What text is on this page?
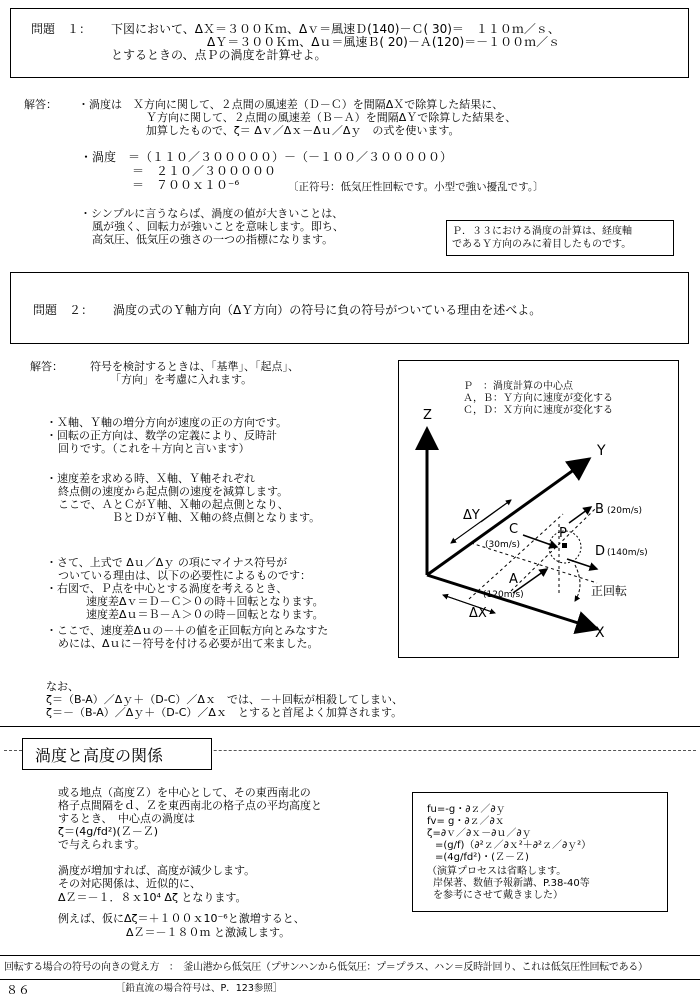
問題　１： 下図において、ΔＸ＝３００Ｋｍ、Δｖ＝風速Ｄ(140)－Ｃ( 30)＝　１１０ｍ／ｓ、
ΔＹ＝３００Ｋｍ、Δｕ＝風速Ｂ( 20)－Ａ(120)＝－１００ｍ／ｓ
とするときの、点Ｐの渦度を計算せよ。
解答： ・渦度は　Ｘ方向に関して、２点間の風速差（Ｄ－Ｃ）を間隔ΔＸで除算した結果に、
Ｙ方向に関して、２点間の風速差（Ｂ－Ａ）を間隔ΔＹで除算した結果を、
加算したもので、ζ＝ Δｖ／Δｘ－Δｕ／Δｙ　の式を使います。
・渦度　＝（１１０／３０００００）－（－１００／３０００００）
＝　２１０／３０００００
＝　７００ｘ１０⁻⁶	〔正符号：低気圧性回転です。小型で強い擾乱です。〕
・シンプルに言うならば、渦度の値が大きいことは、
風が強く、回転力が強いことを意味します。即ち、
高気圧、低気圧の強さの一つの指標になります。
Ｐ．３３における渦度の計算は、経度軸
であるＹ方向のみに着目したものです。
問題　２： 渦度の式のＹ軸方向（ΔＹ方向）の符号に負の符号がついている理由を述べよ。
解答： 符号を検討するときは、「基準」、「起点」、
「方向」を考慮に入れます。
・Ｘ軸、Ｙ軸の増分方向が速度の正の方向です。
・回転の正方向は、数学の定義により、反時計
回りです。（これを＋方向と言います）
・速度差を求める時、Ｘ軸、Ｙ軸それぞれ
終点側の速度から起点側の速度を減算します。
ここで、ＡとＣがＹ軸、Ｘ軸の起点側となり、
ＢとＤがＹ軸、Ｘ軸の終点側となります。
・さて、上式で Δｕ／Δｙ の項にマイナス符号が
ついている理由は、以下の必要性によるものです：
・右図で、Ｐ点を中心とする渦度を考えるとき、
速度差Δｖ＝Ｄ－Ｃ＞０の時＋回転となります。
速度差Δｕ＝Ｂ－Ａ＞０の時－回転となります。
・ここで、速度差Δｕの－＋の値を正回転方向とみなすた
めには、Δｕに－符号を付ける必要が出て来ました。
なお、
ζ＝（B-A）／Δｙ＋（D-C）／Δｘ　では、－＋回転が相殺してしまい、
ζ＝－（B-A）／Δｙ＋（D-C）／Δｘ　とすると首尾よく加算されます。
Ｐ　：渦度計算の中心点
Ａ，Ｂ：Ｙ方向に速度が変化する
Ｃ，Ｄ：Ｘ方向に速度が変化する
Z
Y
X
ΔY
ΔX
P
A
(120m/s)
B (20m/s)
C
(30m/s)	D (140m/s)
正回転
渦度と高度の関係
或る地点（高度Ｚ）を中心として、その東西南北の
格子点間隔をｄ、Ｚを東西南北の格子点の平均高度と
するとき、　中心点の渦度は
ζ＝(4g/fd²)(Ｚ－Ｚ)
で与えられます。
渦度が増加すれば、高度が減少します。
その対応関係は、近似的に、
ΔＺ＝－１．８ｘ10⁴ Δζ となります。
例えば、仮にΔζ＝＋１００ｘ10⁻⁶と激増すると、
ΔＺ＝－１８０ｍ と激減します。
fu=-g・∂ｚ／∂ｙ
fv= g・∂ｚ／∂ｘ
ζ=∂ｖ／∂ｘ－∂ｕ／∂ｙ
=(g/f)（∂²ｚ／∂ｘ²＋∂²ｚ／∂ｙ²）
=(4g/fd²)・(Ｚ－Ｚ)
（演算プロセスは省略します。
岸保著、数値予報新講、P.38-40等
を参考にさせて戴きました）
回転する場合の符号の向きの覚え方　：　釜山港から低気圧（プサンハンから低気圧：プ＝プラス、ハン＝反時計回り、これは低気圧性回転である）
８６	［鉛直流の場合符号は、P．123参照］
